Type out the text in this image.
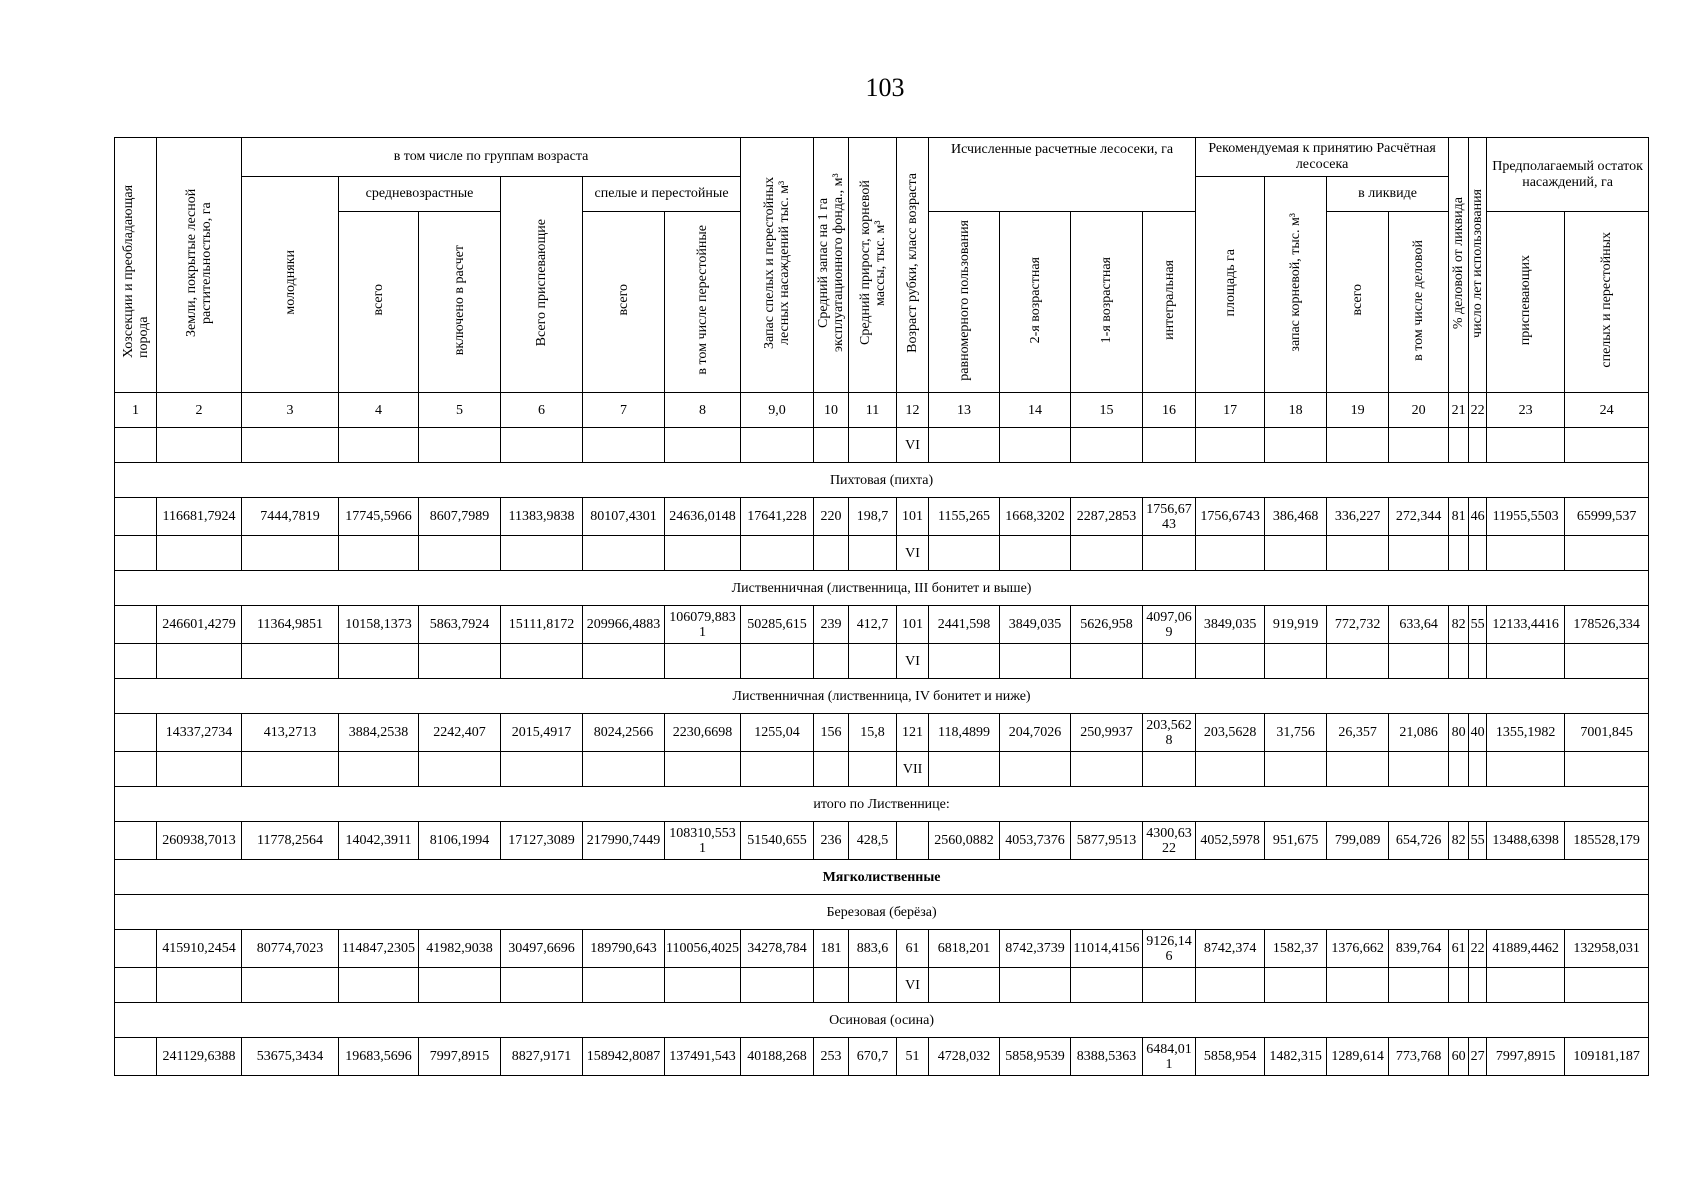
103
Хозсекции и преобладающая порода	Земли, покрытые лесной растительностью, га	в том числе по группам возраста						Запас спелых и перестойных лесных насаждений тыс. м³	Средний запас на 1 га эксплуатационного фонда., м³	Средний прирост, корневой массы, тыс. м³	Возраст рубки, класс возраста	Исчисленные расчетные лесосеки, га				Рекомендуемая к принятию Расчётная лесосека				% деловой от ликвида	число лет использования	Предполагаемый остаток насаждений, га	
		молодняки	средневозрастные		Всего приспевающие	спелые и перестойные										площадь га	запас корневой, тыс. м³	в ликвиде					
			всего	включено в расчет		всего	в том числе перестойные					равномерного пользования	2-я возрастная	1-я возрастная	интегральная			всего	в том числе деловой			приспевающих	спелых и перестойных
1	2	3	4	5	6	7	8	9,0	10	11	12	13	14	15	16	17	18	19	20	21	22	23	24
											VI												
Пихтовая (пихта)																							
	116681,7924	7444,7819	17745,5966	8607,7989	11383,9838	80107,4301	24636,0148	17641,228	220	198,7	101	1155,265	1668,3202	2287,2853	1756,6743	1756,6743	386,468	336,227	272,344	81	46	11955,5503	65999,537
											VI												
Лиственничная (лиственница, III бонитет и выше)																							
	246601,4279	11364,9851	10158,1373	5863,7924	15111,8172	209966,4883	106079,8831	50285,615	239	412,7	101	2441,598	3849,035	5626,958	4097,069	3849,035	919,919	772,732	633,64	82	55	12133,4416	178526,334
											VI												
Лиственничная (лиственница, IV бонитет и ниже)																							
	14337,2734	413,2713	3884,2538	2242,407	2015,4917	8024,2566	2230,6698	1255,04	156	15,8	121	118,4899	204,7026	250,9937	203,5628	203,5628	31,756	26,357	21,086	80	40	1355,1982	7001,845
											VII												
итого по Лиственнице:																							
	260938,7013	11778,2564	14042,3911	8106,1994	17127,3089	217990,7449	108310,5531	51540,655	236	428,5		2560,0882	4053,7376	5877,9513	4300,6322	4052,5978	951,675	799,089	654,726	82	55	13488,6398	185528,179
Мягколиственные																							
Березовая (берёза)																							
	415910,2454	80774,7023	114847,2305	41982,9038	30497,6696	189790,643	110056,4025	34278,784	181	883,6	61	6818,201	8742,3739	11014,4156	9126,146	8742,374	1582,37	1376,662	839,764	61	22	41889,4462	132958,031
											VI												
Осиновая (осина)																							
	241129,6388	53675,3434	19683,5696	7997,8915	8827,9171	158942,8087	137491,543	40188,268	253	670,7	51	4728,032	5858,9539	8388,5363	6484,011	5858,954	1482,315	1289,614	773,768	60	27	7997,8915	109181,187
